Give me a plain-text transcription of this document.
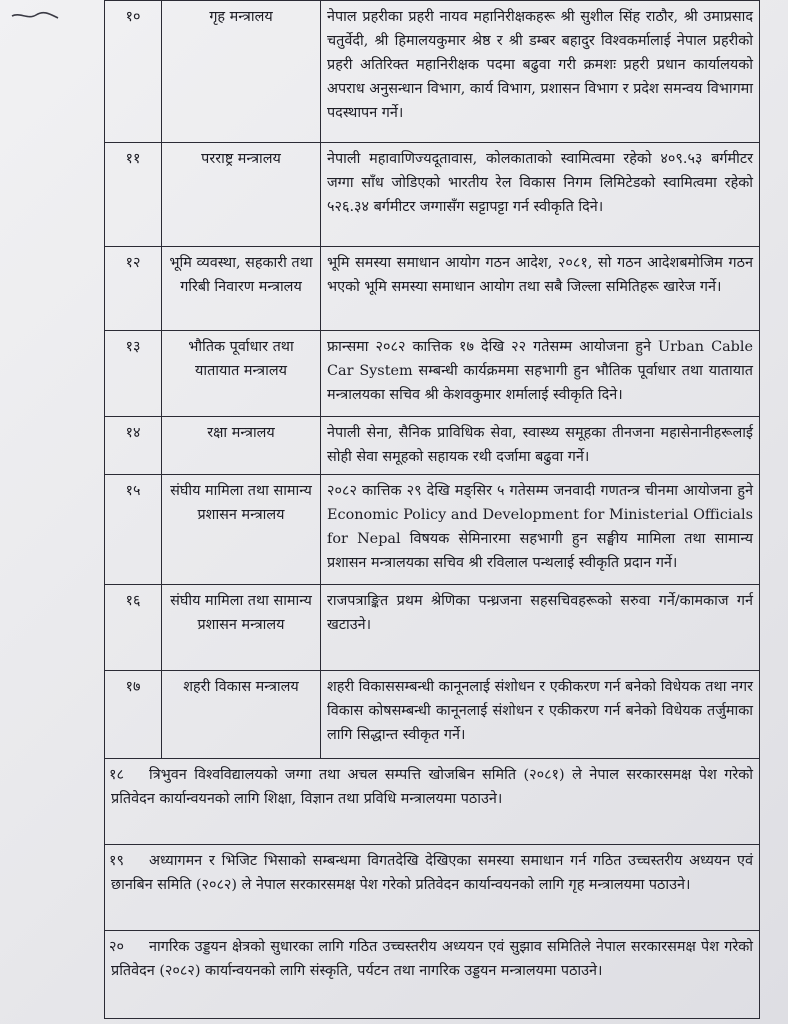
१०	गृह मन्त्रालय	नेपाल प्रहरीका प्रहरी नायव महानिरीक्षकहरू श्री सुशील सिंह राठौर, श्री उमाप्रसाद चतुर्वेदी, श्री हिमालयकुमार श्रेष्ठ र श्री डम्बर बहादुर विश्वकर्मालाई नेपाल प्रहरीको प्रहरी अतिरिक्त महानिरीक्षक पदमा बढुवा गरी क्रमशः प्रहरी प्रधान कार्यालयको अपराध अनुसन्धान विभाग, कार्य विभाग, प्रशासन विभाग र प्रदेश समन्वय विभागमा पदस्थापन गर्ने।
११	परराष्ट्र मन्त्रालय	नेपाली महावाणिज्यदूतावास, कोलकाताको स्वामित्वमा रहेको ४०९.५३ बर्गमीटर जग्गा साँध जोडिएको भारतीय रेल विकास निगम लिमिटेडको स्वामित्वमा रहेको ५२६.३४ बर्गमीटर जग्गासँग सट्टापट्टा गर्न स्वीकृति दिने।
१२	भूमि व्यवस्था, सहकारी तथा गरिबी निवारण मन्त्रालय	भूमि समस्या समाधान आयोग गठन आदेश, २०८१, सो गठन आदेशबमोजिम गठन भएको भूमि समस्या समाधान आयोग तथा सबै जिल्ला समितिहरू खारेज गर्ने।
१३	भौतिक पूर्वाधार तथा यातायात मन्त्रालय	फ्रान्समा २०८२ कात्तिक १७ देखि २२ गतेसम्म आयोजना हुने Urban Cable Car System सम्बन्धी कार्यक्रममा सहभागी हुन भौतिक पूर्वाधार तथा यातायात मन्त्रालयका सचिव श्री केशवकुमार शर्मालाई स्वीकृति दिने।
१४	रक्षा मन्त्रालय	नेपाली सेना, सैनिक प्राविधिक सेवा, स्वास्थ्य समूहका तीनजना महासेनानीहरूलाई सोही सेवा समूहको सहायक रथी दर्जामा बढुवा गर्ने।
१५	संघीय मामिला तथा सामान्य प्रशासन मन्त्रालय	२०८२ कात्तिक २९ देखि मङ्सिर ५ गतेसम्म जनवादी गणतन्त्र चीनमा आयोजना हुने Economic Policy and Development for Ministerial Officials for Nepal विषयक सेमिनारमा सहभागी हुन सङ्घीय मामिला तथा सामान्य प्रशासन मन्त्रालयका सचिव श्री रविलाल पन्थलाई स्वीकृति प्रदान गर्ने।
१६	संघीय मामिला तथा सामान्य प्रशासन मन्त्रालय	राजपत्राङ्कित प्रथम श्रेणिका पन्ध्रजना सहसचिवहरूको सरुवा गर्ने/कामकाज गर्न खटाउने।
१७	शहरी विकास मन्त्रालय	शहरी विकाससम्बन्धी कानूनलाई संशोधन र एकीकरण गर्न बनेको विधेयक तथा नगर विकास कोषसम्बन्धी कानूनलाई संशोधन र एकीकरण गर्न बनेको विधेयक तर्जुमाका लागि सिद्धान्त स्वीकृत गर्ने।
१८ त्रिभुवन विश्वविद्यालयको जग्गा तथा अचल सम्पत्ति खोजबिन समिति (२०८१) ले नेपाल सरकारसमक्ष पेश गरेको प्रतिवेदन कार्यान्वयनको लागि शिक्षा, विज्ञान तथा प्रविधि मन्त्रालयमा पठाउने।		
१९ अध्यागमन र भिजिट भिसाको सम्बन्धमा विगतदेखि देखिएका समस्या समाधान गर्न गठित उच्चस्तरीय अध्ययन एवं छानबिन समिति (२०८२) ले नेपाल सरकारसमक्ष पेश गरेको प्रतिवेदन कार्यान्वयनको लागि गृह मन्त्रालयमा पठाउने।		
२० नागरिक उड्डयन क्षेत्रको सुधारका लागि गठित उच्चस्तरीय अध्ययन एवं सुझाव समितिले नेपाल सरकारसमक्ष पेश गरेको प्रतिवेदन (२०८२) कार्यान्वयनको लागि संस्कृति, पर्यटन तथा नागरिक उड्डयन मन्त्रालयमा पठाउने।		
